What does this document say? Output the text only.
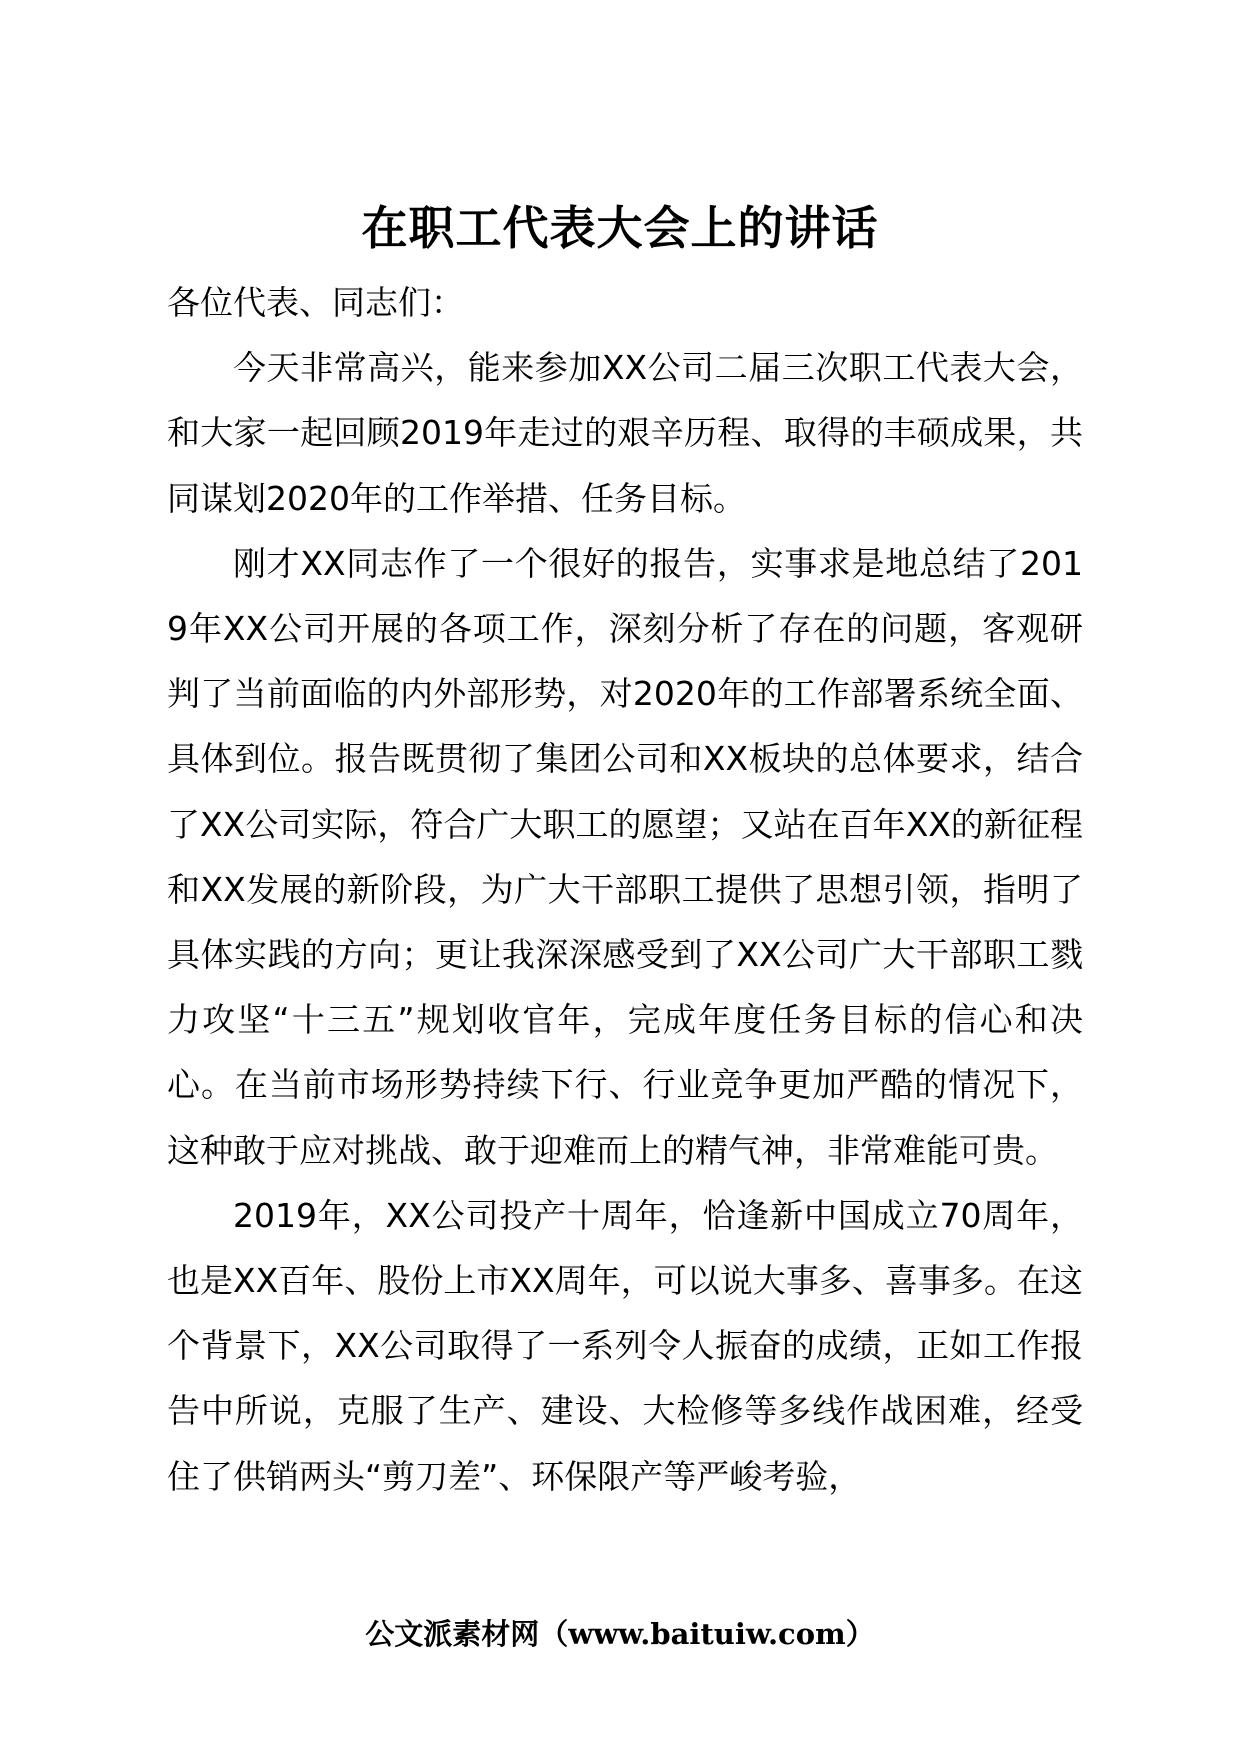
在职工代表大会上的讲话

各位代表、同志们：

今天非常高兴，能来参加XX公司二届三次职工代表大会，和大家一起回顾2019年走过的艰辛历程、取得的丰硕成果，共同谋划2020年的工作举措、任务目标。

刚才XX同志作了一个很好的报告，实事求是地总结了2019年XX公司开展的各项工作，深刻分析了存在的问题，客观研判了当前面临的内外部形势，对2020年的工作部署系统全面、具体到位。报告既贯彻了集团公司和XX板块的总体要求，结合了XX公司实际，符合广大职工的愿望；又站在百年XX的新征程和XX发展的新阶段，为广大干部职工提供了思想引领，指明了具体实践的方向；更让我深深感受到了XX公司广大干部职工戮力攻坚“十三五”规划收官年，完成年度任务目标的信心和决心。在当前市场形势持续下行、行业竞争更加严酷的情况下，这种敢于应对挑战、敢于迎难而上的精气神，非常难能可贵。

2019年，XX公司投产十周年，恰逢新中国成立70周年，也是XX百年、股份上市XX周年，可以说大事多、喜事多。在这个背景下，XX公司取得了一系列令人振奋的成绩，正如工作报告中所说，克服了生产、建设、大检修等多线作战困难，经受住了供销两头“剪刀差”、环保限产等严峻考验，

公文派素材网（www.baituiw.com）
